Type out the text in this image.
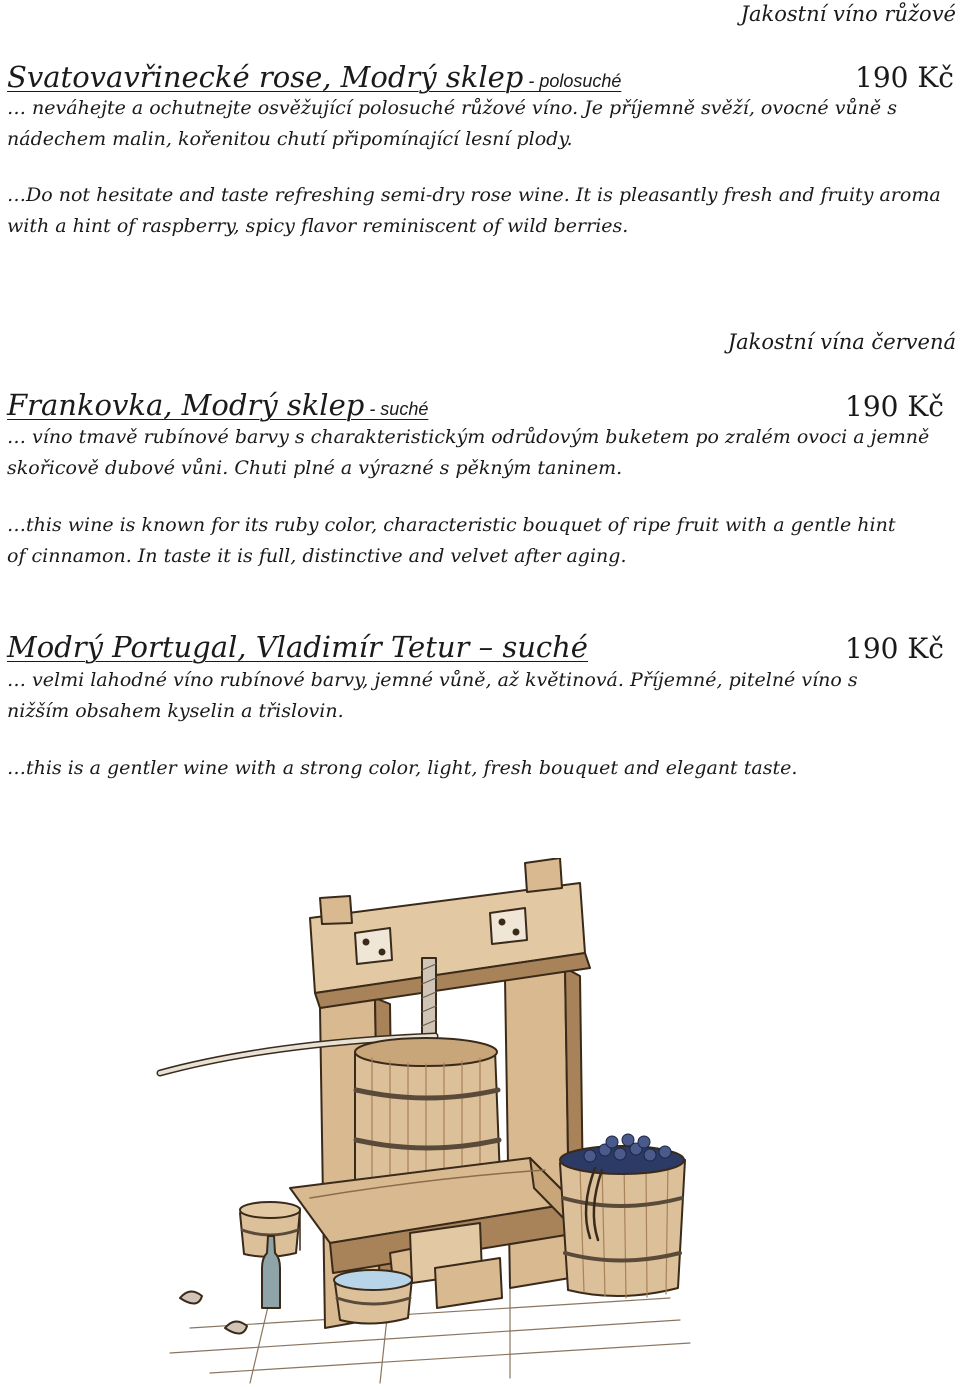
Jakostní víno růžové
Svatovavřinecké rose, Modrý sklep - polosuché	190 Kč
… neváhejte a ochutnejte osvěžující polosuché růžové víno. Je příjemně svěží, ovocné vůně s nádechem malin, kořenitou chutí připomínající lesní plody.
…Do not hesitate and taste refreshing semi-dry rose wine. It is pleasantly fresh and fruity aroma with a hint of raspberry, spicy flavor reminiscent of wild berries.
Jakostní vína červená
Frankovka, Modrý sklep - suché	190 Kč
… víno tmavě rubínové barvy s charakteristickým odrůdovým buketem po zralém ovoci a jemně skořicově dubové vůni. Chuti plné a výrazné s pěkným taninem.
…this wine is known for its ruby color, characteristic bouquet of ripe fruit with a gentle hint of cinnamon. In taste it is full, distinctive and velvet after aging.
Modrý Portugal, Vladimír Tetur – suché	190 Kč
… velmi lahodné víno rubínové barvy, jemné vůně, až květinová. Příjemné, pitelné víno s nižším obsahem kyselin a třislovin.
…this is a gentler wine with a strong color, light, fresh bouquet and elegant taste.
